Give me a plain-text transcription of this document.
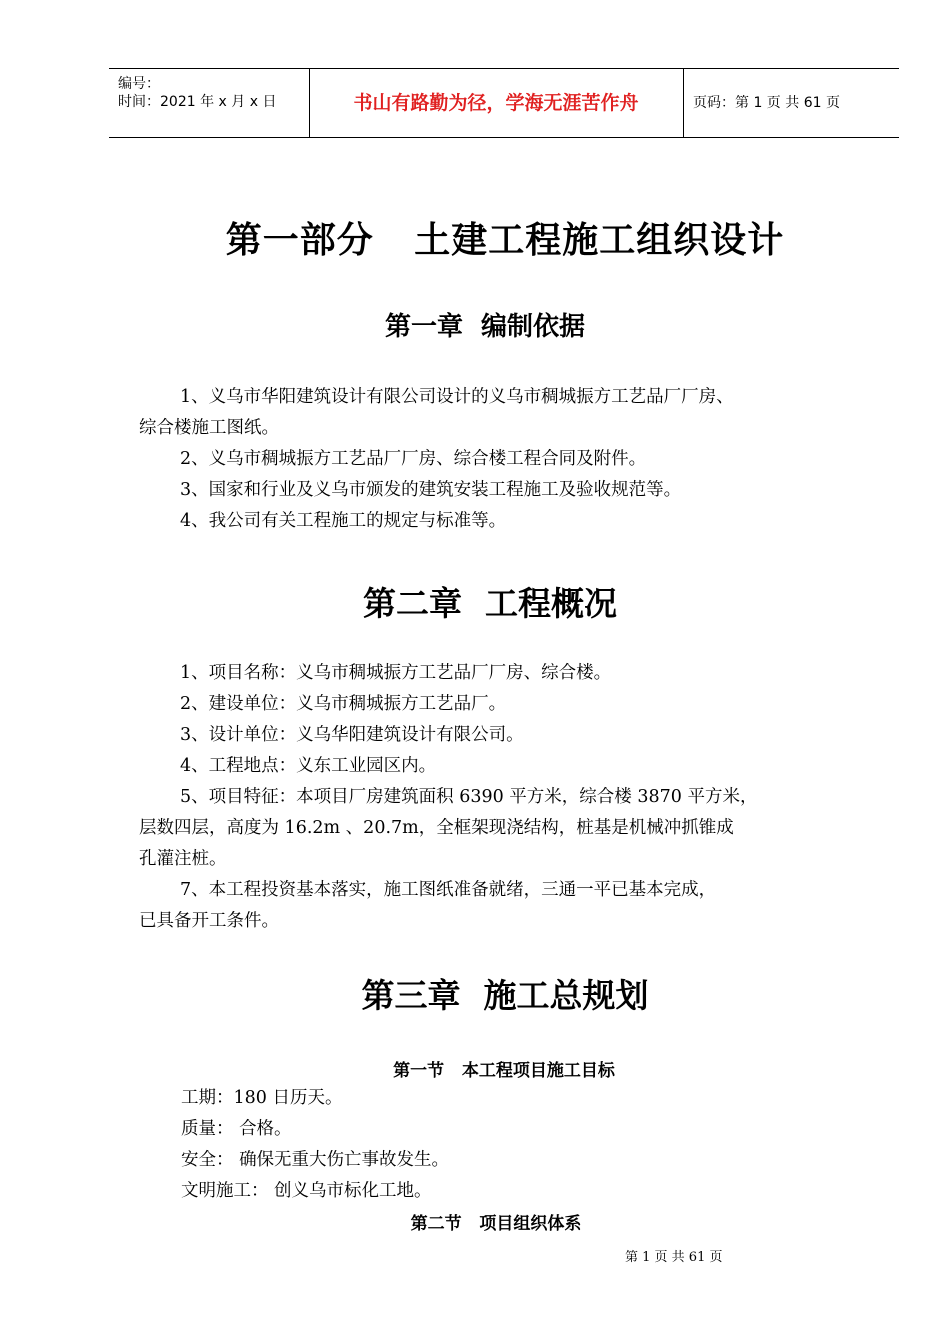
编号：
时间：2021 年 x 月 x 日	书山有路勤为径，学海无涯苦作舟	页码：第 1 页 共 61 页
第一部分   土建工程施工组织设计
第一章  编制依据

1、义乌市华阳建筑设计有限公司设计的义乌市稠城振方工艺品厂厂房、

综合楼施工图纸。

2、义乌市稠城振方工艺品厂厂房、综合楼工程合同及附件。

3、国家和行业及义乌市颁发的建筑安装工程施工及验收规范等。

4、我公司有关工程施工的规定与标准等。

第二章  工程概况

1、项目名称：义乌市稠城振方工艺品厂厂房、综合楼。

2、建设单位：义乌市稠城振方工艺品厂。

3、设计单位：义乌华阳建筑设计有限公司。

4、工程地点：义东工业园区内。

5、项目特征：本项目厂房建筑面积 6390 平方米，综合楼 3870 平方米，

层数四层，高度为 16.2m 、20.7m，全框架现浇结构，桩基是机械冲抓锥成

孔灌注桩。

7、本工程投资基本落实，施工图纸准备就绪，三通一平已基本完成，

已具备开工条件。

第三章  施工总规划
第一节   本工程项目施工目标

工期：180 日历天。

质量： 合格。

安全： 确保无重大伤亡事故发生。

文明施工： 创义乌市标化工地。

第二节   项目组织体系
第 1 页 共 61 页
